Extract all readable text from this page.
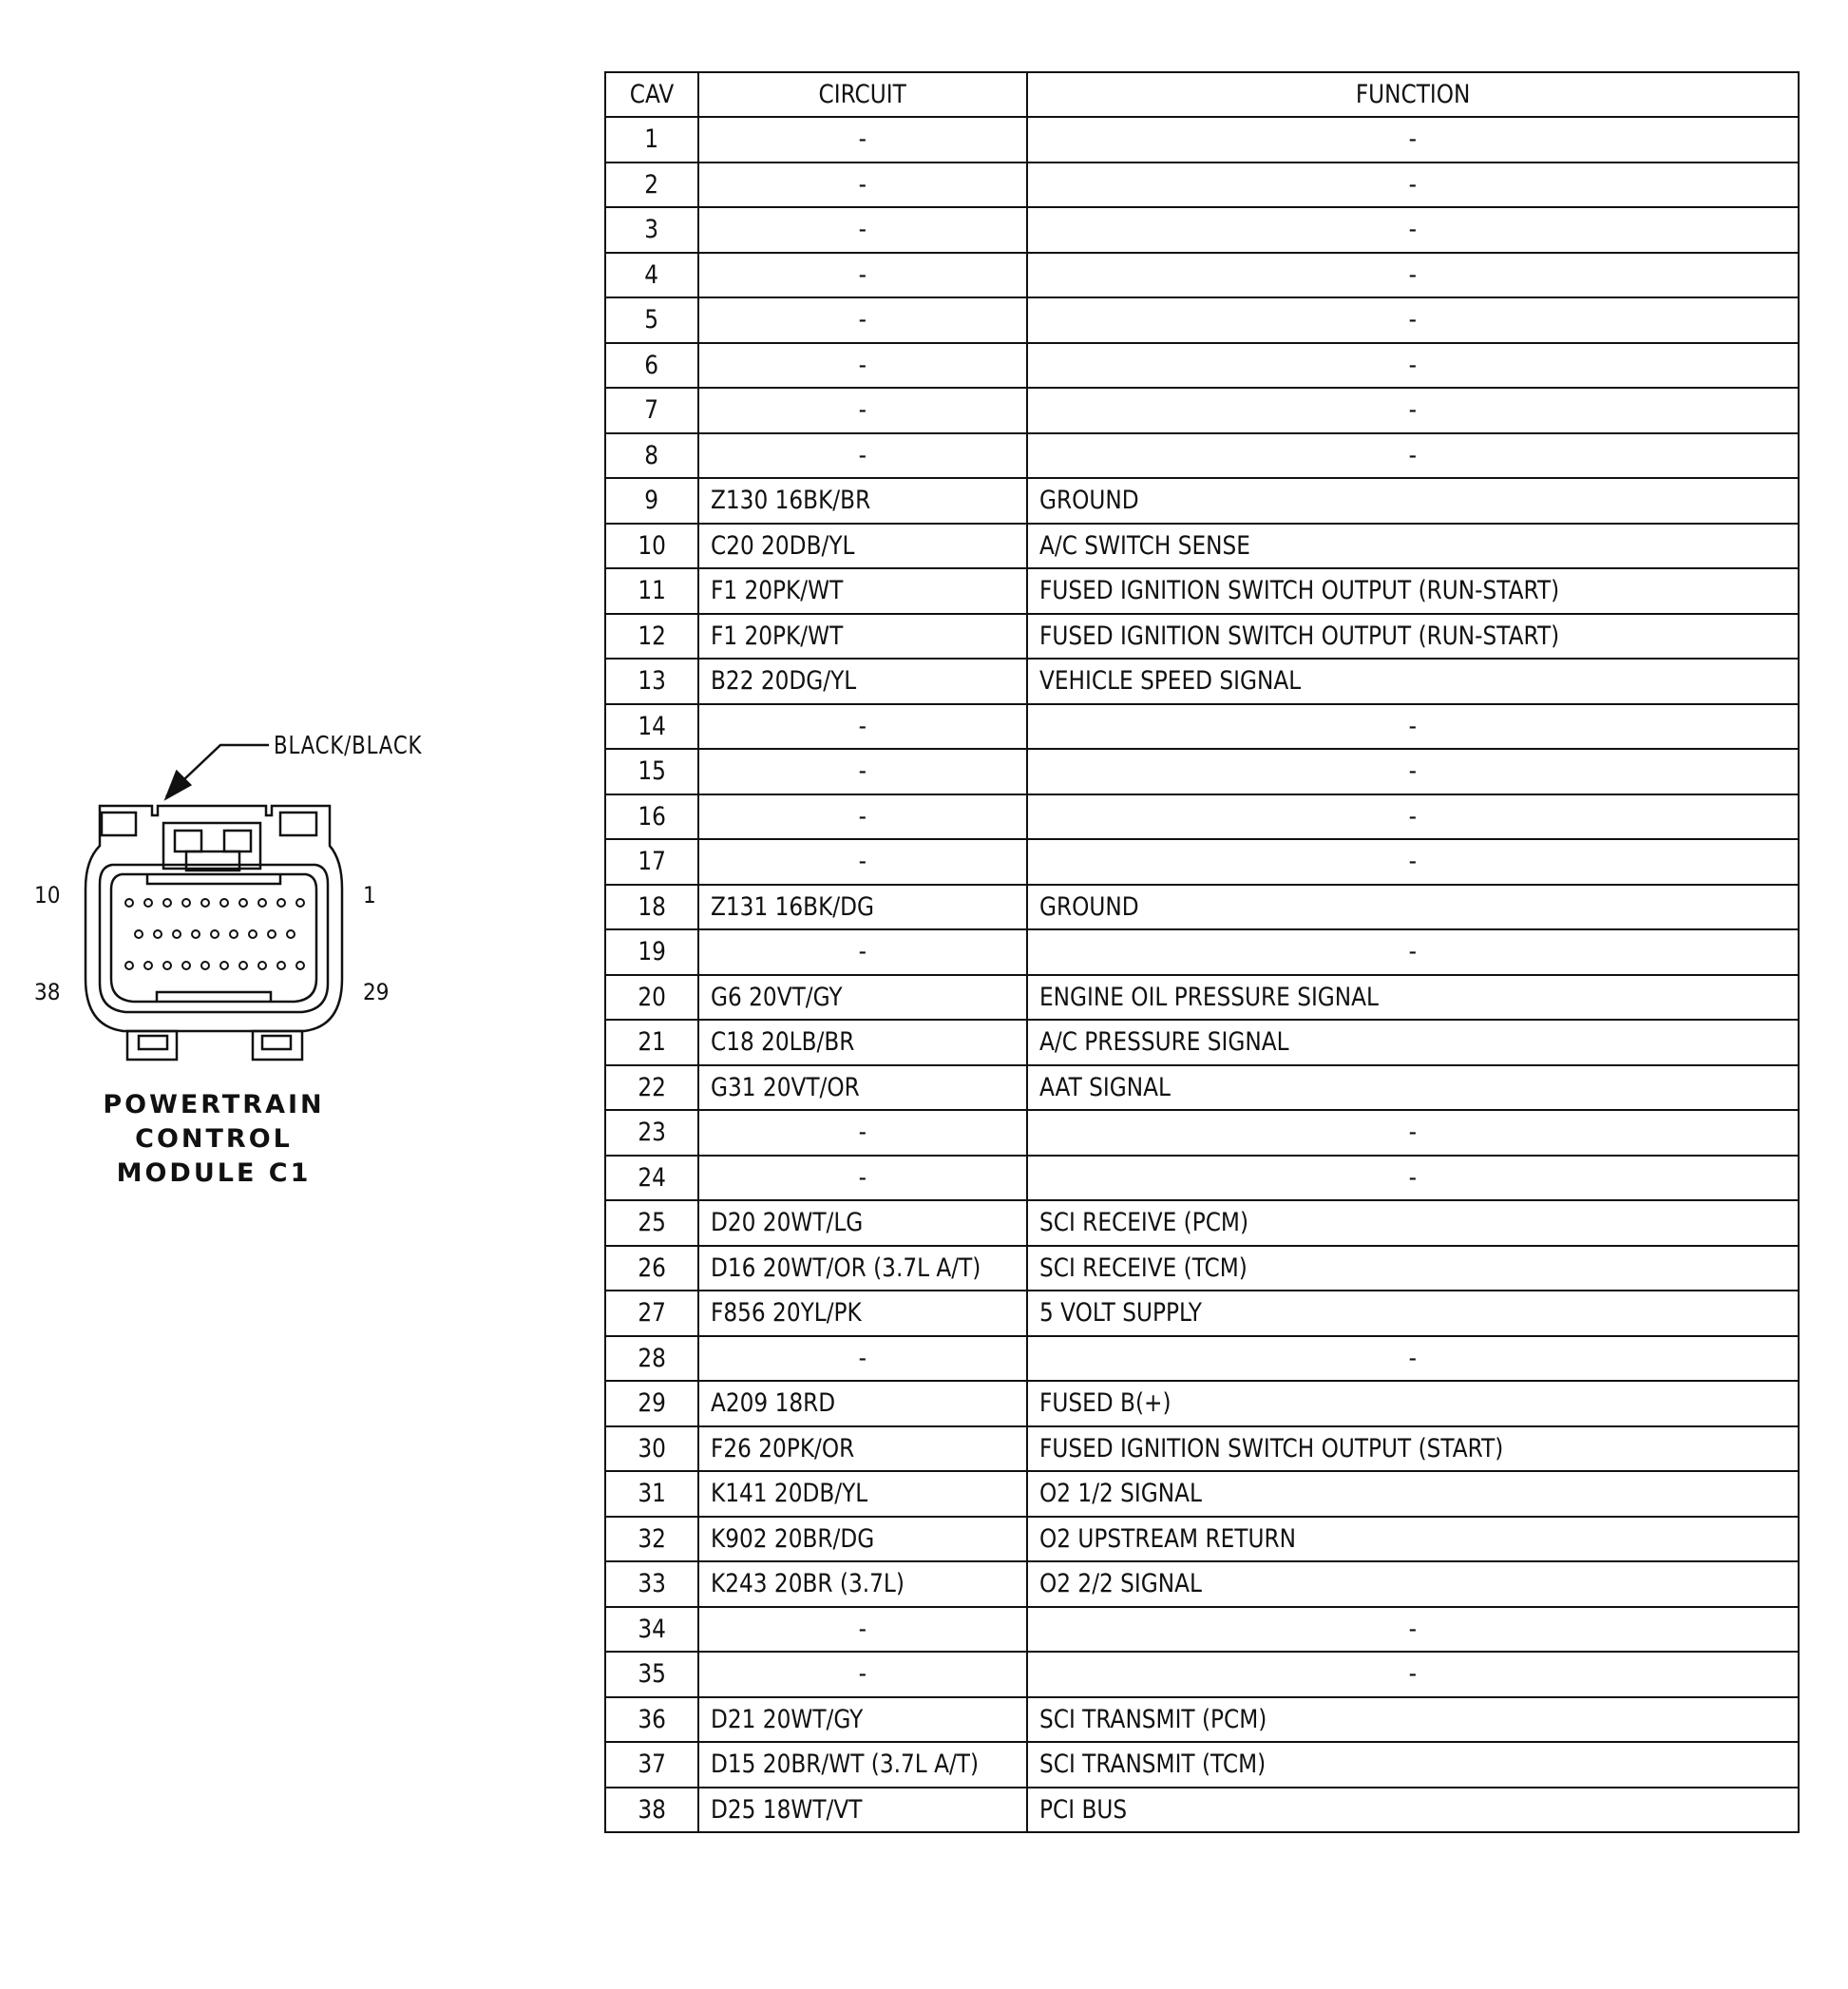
BLACK/BLACK
10	1
38	29
POWERTRAIN
CONTROL
MODULE C1
CAV	CIRCUIT	FUNCTION
1	-	-
2	-	-
3	-	-
4	-	-
5	-	-
6	-	-
7	-	-
8	-	-
9	Z130 16BK/BR	GROUND
10	C20 20DB/YL	A/C SWITCH SENSE
11	F1 20PK/WT	FUSED IGNITION SWITCH OUTPUT (RUN-START)
12	F1 20PK/WT	FUSED IGNITION SWITCH OUTPUT (RUN-START)
13	B22 20DG/YL	VEHICLE SPEED SIGNAL
14	-	-
15	-	-
16	-	-
17	-	-
18	Z131 16BK/DG	GROUND
19	-	-
20	G6 20VT/GY	ENGINE OIL PRESSURE SIGNAL
21	C18 20LB/BR	A/C PRESSURE SIGNAL
22	G31 20VT/OR	AAT SIGNAL
23	-	-
24	-	-
25	D20 20WT/LG	SCI RECEIVE (PCM)
26	D16 20WT/OR (3.7L A/T)	SCI RECEIVE (TCM)
27	F856 20YL/PK	5 VOLT SUPPLY
28	-	-
29	A209 18RD	FUSED B(+)
30	F26 20PK/OR	FUSED IGNITION SWITCH OUTPUT (START)
31	K141 20DB/YL	O2 1/2 SIGNAL
32	K902 20BR/DG	O2 UPSTREAM RETURN
33	K243 20BR (3.7L)	O2 2/2 SIGNAL
34	-	-
35	-	-
36	D21 20WT/GY	SCI TRANSMIT (PCM)
37	D15 20BR/WT (3.7L A/T)	SCI TRANSMIT (TCM)
38	D25 18WT/VT	PCI BUS
